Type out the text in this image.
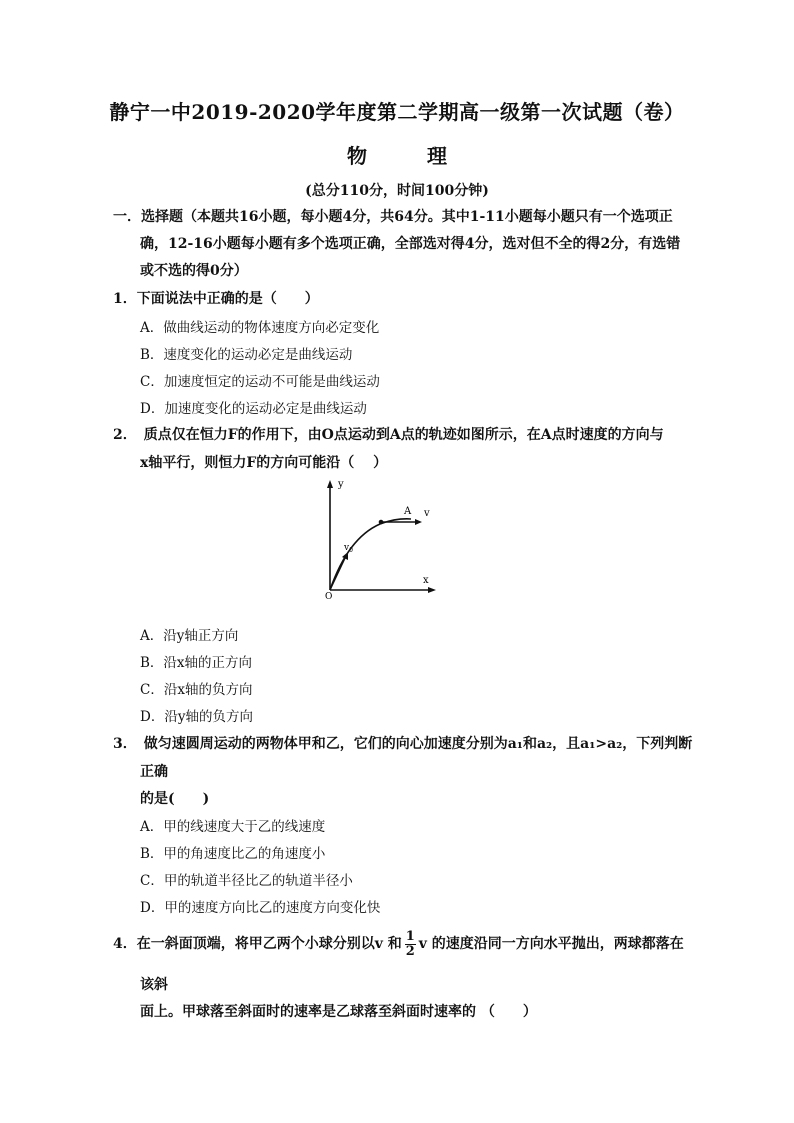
静宁一中2019-2020学年度第二学期高一级第一次试题（卷）
物	理
(总分110分，时间100分钟)
一．选择题（本题共16小题，每小题4分，共64分。其中1-11小题每小题只有一个选项正
确，12-16小题每小题有多个选项正确，全部选对得4分，选对但不全的得2分，有选错
或不选的得0分）
1．下面说法中正确的是（　　）
A．做曲线运动的物体速度方向必定变化
B．速度变化的运动必定是曲线运动
C．加速度恒定的运动不可能是曲线运动
D．加速度变化的运动必定是曲线运动
2．　质点仅在恒力F的作用下，由O点运动到A点的轨迹如图所示，在A点时速度的方向与
x轴平行，则恒力F的方向可能沿（　 ）
y
x
O
A v
$v_0$
A．沿y轴正方向
B．沿x轴的正方向
C．沿x轴的负方向
D．沿y轴的负方向
3．　做匀速圆周运动的两物体甲和乙，它们的向心加速度分别为a₁和a₂，且a₁>a₂，下列判断
正确
的是(　　)
A．甲的线速度大于乙的线速度
B．甲的角速度比乙的角速度小
C．甲的轨道半径比乙的轨道半径小
D．甲的速度方向比乙的速度方向变化快
4．在一斜面顶端，将甲乙两个小球分别以v 和 $\frac{1}{2}$ v 的速度沿同一方向水平抛出，两球都落在
该斜
面上。甲球落至斜面时的速率是乙球落至斜面时速率的 （　　）
